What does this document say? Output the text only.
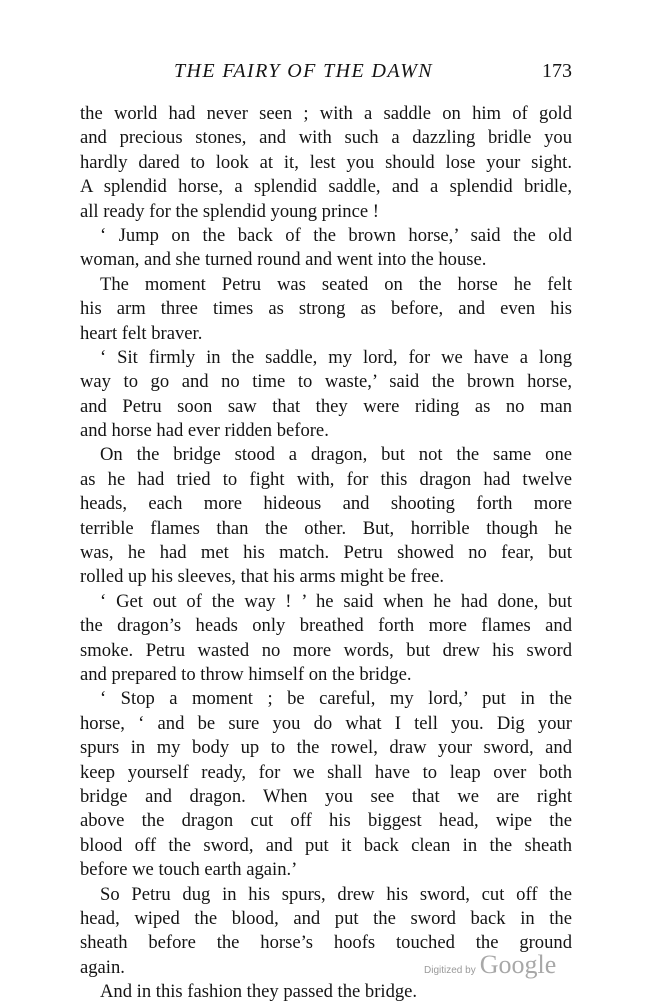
THE FAIRY OF THE DAWN	173
the world had never seen ; with a saddle on him of gold
and precious stones, and with such a dazzling bridle you
hardly dared to look at it, lest you should lose your sight.
A splendid horse, a splendid saddle, and a splendid bridle,
all ready for the splendid young prince !
‘ Jump on the back of the brown horse,’ said the old
woman, and she turned round and went into the house.
The moment Petru was seated on the horse he felt
his arm three times as strong as before, and even his
heart felt braver.
‘ Sit firmly in the saddle, my lord, for we have a long
way to go and no time to waste,’ said the brown horse,
and Petru soon saw that they were riding as no man
and horse had ever ridden before.
On the bridge stood a dragon, but not the same one
as he had tried to fight with, for this dragon had twelve
heads, each more hideous and shooting forth more
terrible flames than the other. But, horrible though he
was, he had met his match. Petru showed no fear, but
rolled up his sleeves, that his arms might be free.
‘ Get out of the way ! ’ he said when he had done, but
the dragon’s heads only breathed forth more flames and
smoke. Petru wasted no more words, but drew his sword
and prepared to throw himself on the bridge.
‘ Stop a moment ; be careful, my lord,’ put in the
horse, ‘ and be sure you do what I tell you. Dig your
spurs in my body up to the rowel, draw your sword, and
keep yourself ready, for we shall have to leap over both
bridge and dragon. When you see that we are right
above the dragon cut off his biggest head, wipe the
blood off the sword, and put it back clean in the sheath
before we touch earth again.’
So Petru dug in his spurs, drew his sword, cut off the
head, wiped the blood, and put the sword back in the
sheath before the horse’s hoofs touched the ground
again.
And in this fashion they passed the bridge.
Digitized by Google
